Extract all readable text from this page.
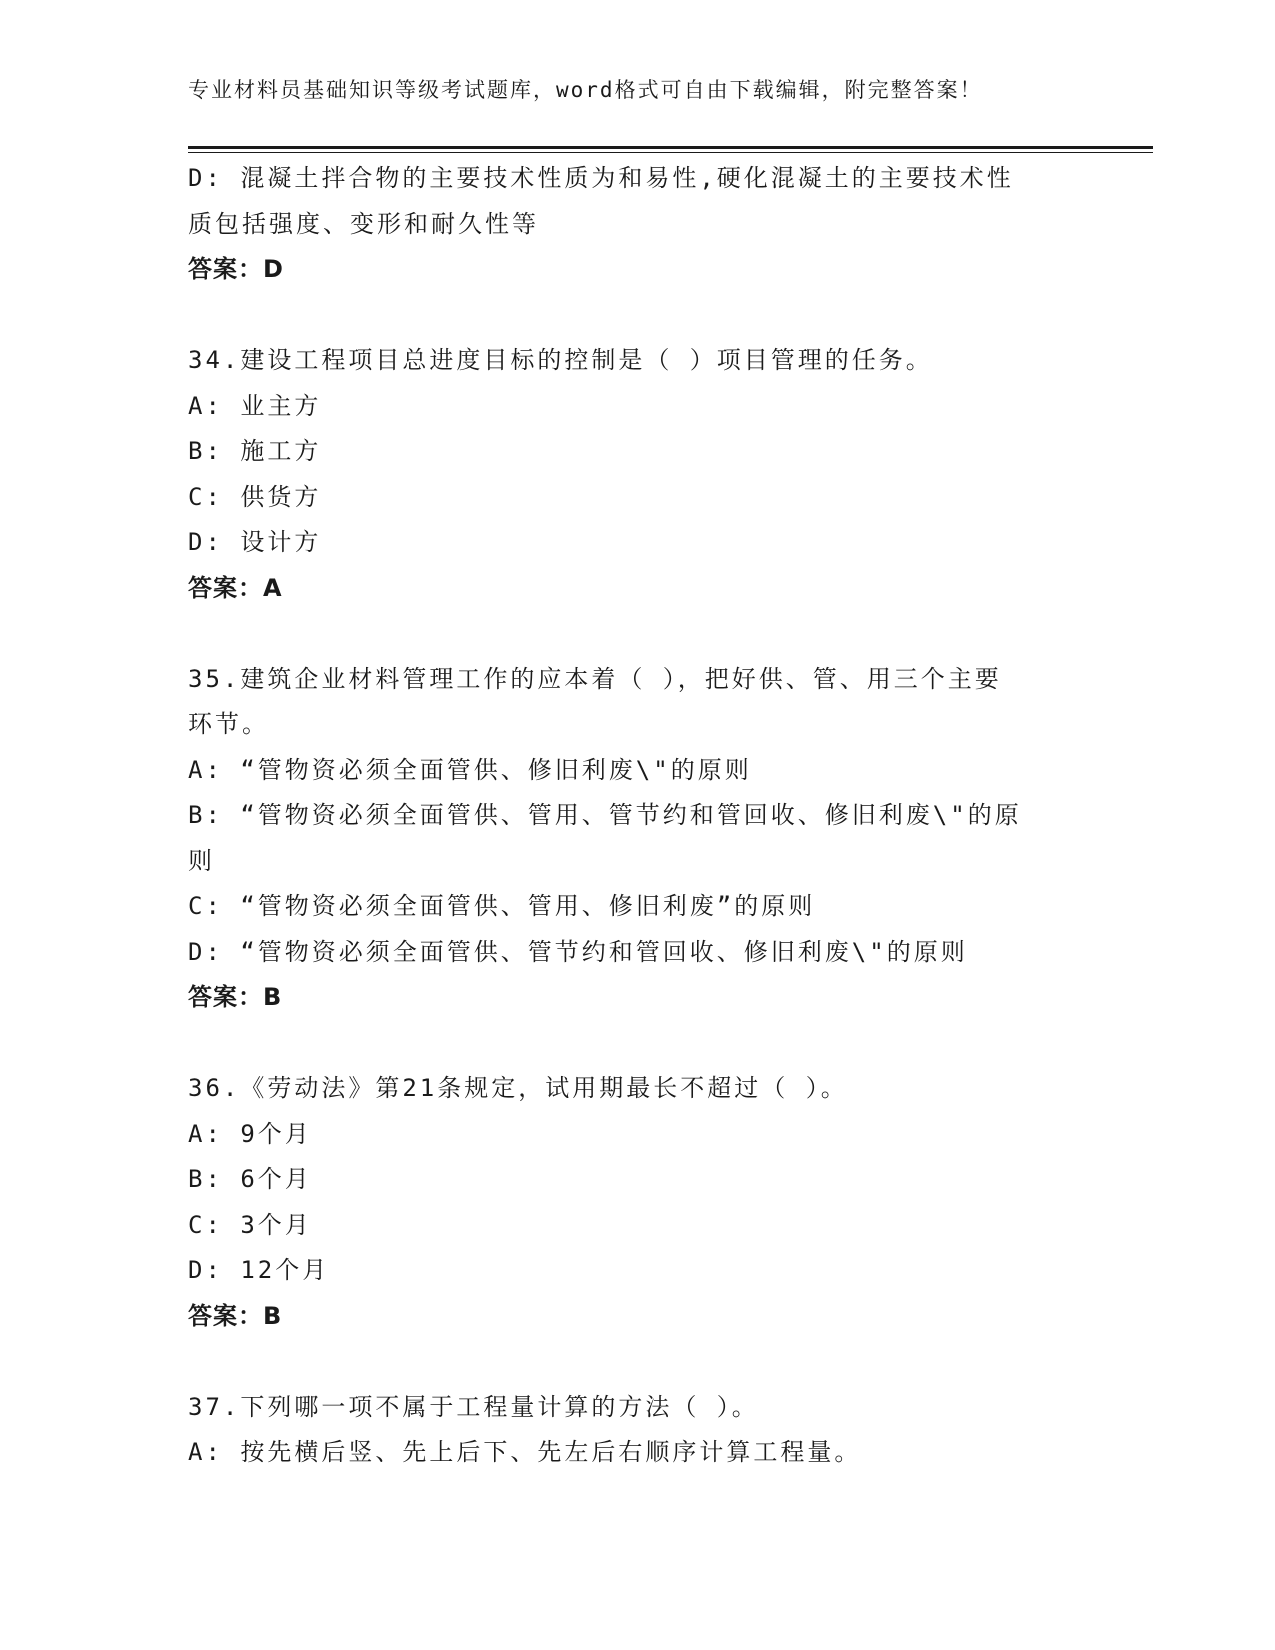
专业材料员基础知识等级考试题库，word格式可自由下载编辑，附完整答案！
D: 混凝土拌合物的主要技术性质为和易性,硬化混凝土的主要技术性
质包括强度、变形和耐久性等
答案：D
34.建设工程项目总进度目标的控制是（ ）项目管理的任务。
A: 业主方
B: 施工方
C: 供货方
D: 设计方
答案：A
35.建筑企业材料管理工作的应本着（ ），把好供、管、用三个主要
环节。
A: “管物资必须全面管供、修旧利废\"的原则
B: “管物资必须全面管供、管用、管节约和管回收、修旧利废\"的原
则
C: “管物资必须全面管供、管用、修旧利废”的原则
D: “管物资必须全面管供、管节约和管回收、修旧利废\"的原则
答案：B
36.《劳动法》第21条规定，试用期最长不超过（ ）。
A: 9个月
B: 6个月
C: 3个月
D: 12个月
答案：B
37.下列哪一项不属于工程量计算的方法（ ）。
A: 按先横后竖、先上后下、先左后右顺序计算工程量。
